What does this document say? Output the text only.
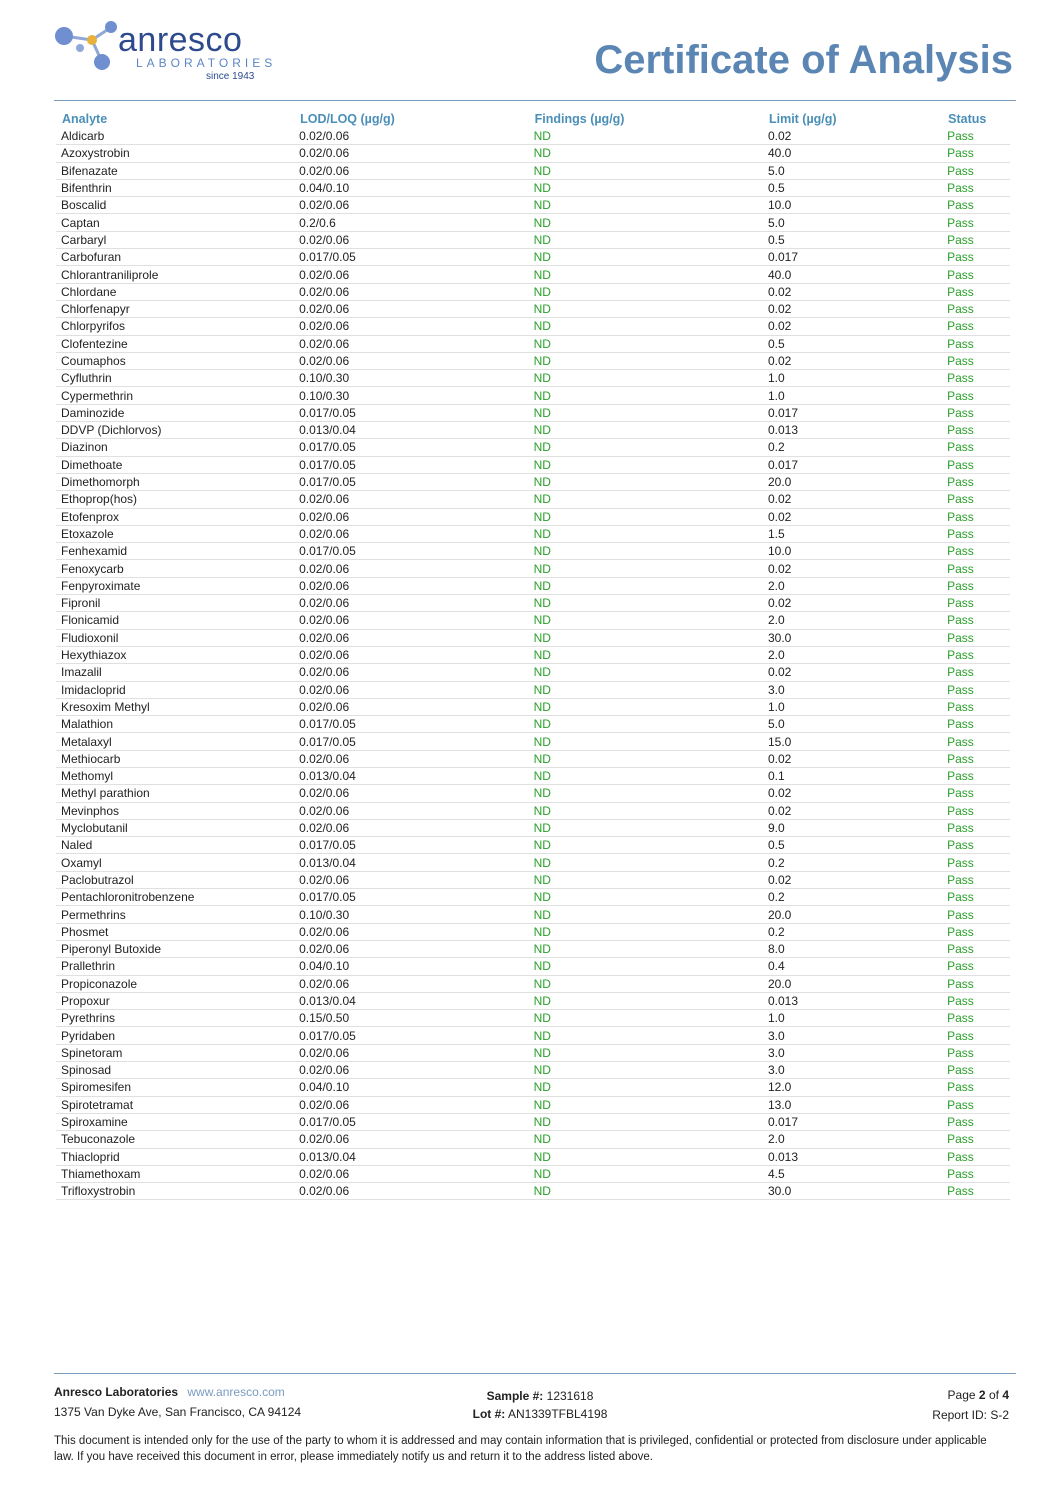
anresco
LABORATORIES
since 1943	Certificate of Analysis
Analyte	LOD/LOQ (µg/g)	Findings (µg/g)	Limit (µg/g)	Status
Aldicarb	0.02/0.06	ND	0.02	Pass
Azoxystrobin	0.02/0.06	ND	40.0	Pass
Bifenazate	0.02/0.06	ND	5.0	Pass
Bifenthrin	0.04/0.10	ND	0.5	Pass
Boscalid	0.02/0.06	ND	10.0	Pass
Captan	0.2/0.6	ND	5.0	Pass
Carbaryl	0.02/0.06	ND	0.5	Pass
Carbofuran	0.017/0.05	ND	0.017	Pass
Chlorantraniliprole	0.02/0.06	ND	40.0	Pass
Chlordane	0.02/0.06	ND	0.02	Pass
Chlorfenapyr	0.02/0.06	ND	0.02	Pass
Chlorpyrifos	0.02/0.06	ND	0.02	Pass
Clofentezine	0.02/0.06	ND	0.5	Pass
Coumaphos	0.02/0.06	ND	0.02	Pass
Cyfluthrin	0.10/0.30	ND	1.0	Pass
Cypermethrin	0.10/0.30	ND	1.0	Pass
Daminozide	0.017/0.05	ND	0.017	Pass
DDVP (Dichlorvos)	0.013/0.04	ND	0.013	Pass
Diazinon	0.017/0.05	ND	0.2	Pass
Dimethoate	0.017/0.05	ND	0.017	Pass
Dimethomorph	0.017/0.05	ND	20.0	Pass
Ethoprop(hos)	0.02/0.06	ND	0.02	Pass
Etofenprox	0.02/0.06	ND	0.02	Pass
Etoxazole	0.02/0.06	ND	1.5	Pass
Fenhexamid	0.017/0.05	ND	10.0	Pass
Fenoxycarb	0.02/0.06	ND	0.02	Pass
Fenpyroximate	0.02/0.06	ND	2.0	Pass
Fipronil	0.02/0.06	ND	0.02	Pass
Flonicamid	0.02/0.06	ND	2.0	Pass
Fludioxonil	0.02/0.06	ND	30.0	Pass
Hexythiazox	0.02/0.06	ND	2.0	Pass
Imazalil	0.02/0.06	ND	0.02	Pass
Imidacloprid	0.02/0.06	ND	3.0	Pass
Kresoxim Methyl	0.02/0.06	ND	1.0	Pass
Malathion	0.017/0.05	ND	5.0	Pass
Metalaxyl	0.017/0.05	ND	15.0	Pass
Methiocarb	0.02/0.06	ND	0.02	Pass
Methomyl	0.013/0.04	ND	0.1	Pass
Methyl parathion	0.02/0.06	ND	0.02	Pass
Mevinphos	0.02/0.06	ND	0.02	Pass
Myclobutanil	0.02/0.06	ND	9.0	Pass
Naled	0.017/0.05	ND	0.5	Pass
Oxamyl	0.013/0.04	ND	0.2	Pass
Paclobutrazol	0.02/0.06	ND	0.02	Pass
Pentachloronitrobenzene	0.017/0.05	ND	0.2	Pass
Permethrins	0.10/0.30	ND	20.0	Pass
Phosmet	0.02/0.06	ND	0.2	Pass
Piperonyl Butoxide	0.02/0.06	ND	8.0	Pass
Prallethrin	0.04/0.10	ND	0.4	Pass
Propiconazole	0.02/0.06	ND	20.0	Pass
Propoxur	0.013/0.04	ND	0.013	Pass
Pyrethrins	0.15/0.50	ND	1.0	Pass
Pyridaben	0.017/0.05	ND	3.0	Pass
Spinetoram	0.02/0.06	ND	3.0	Pass
Spinosad	0.02/0.06	ND	3.0	Pass
Spiromesifen	0.04/0.10	ND	12.0	Pass
Spirotetramat	0.02/0.06	ND	13.0	Pass
Spiroxamine	0.017/0.05	ND	0.017	Pass
Tebuconazole	0.02/0.06	ND	2.0	Pass
Thiacloprid	0.013/0.04	ND	0.013	Pass
Thiamethoxam	0.02/0.06	ND	4.5	Pass
Trifloxystrobin	0.02/0.06	ND	30.0	Pass
Anresco Laboratories www.anresco.com
1375 Van Dyke Ave, San Francisco, CA 94124
Sample #: 1231618
Lot #: AN1339TFBL4198
Page 2 of 4
Report ID: S-2
This document is intended only for the use of the party to whom it is addressed and may contain information that is privileged, confidential or protected from disclosure under applicable law. If you have received this document in error, please immediately notify us and return it to the address listed above.
